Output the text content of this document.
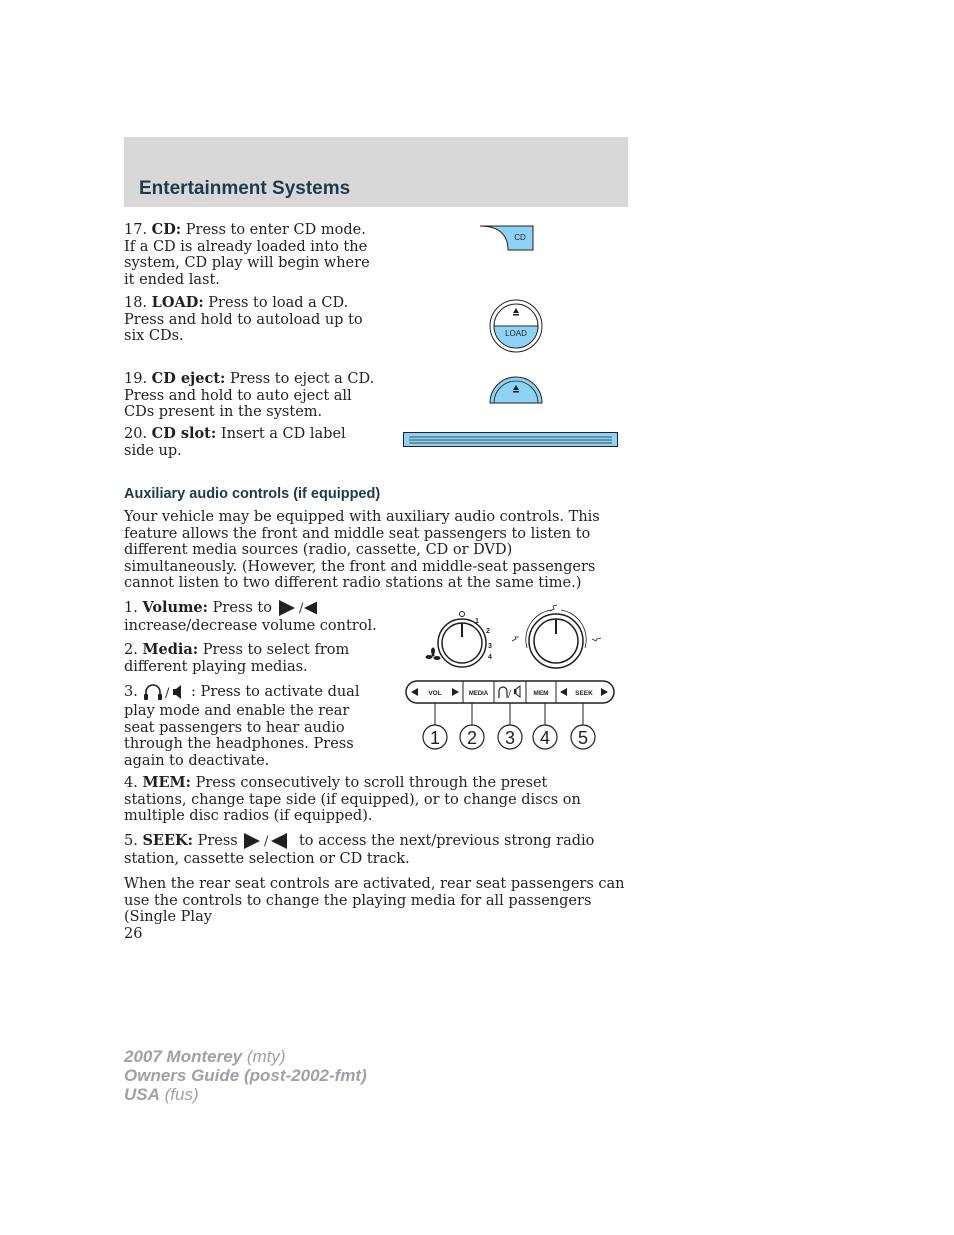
Entertainment Systems
17. CD: Press to enter CD mode. If a CD is already loaded into the system, CD play will begin where it ended last.
18. LOAD: Press to load a CD. Press and hold to autoload up to six CDs.
19. CD eject: Press to eject a CD. Press and hold to auto eject all CDs present in the system.
20. CD slot: Insert a CD label side up.
CD
LOAD
Auxiliary audio controls (if equipped)
Your vehicle may be equipped with auxiliary audio controls. This feature allows the front and middle seat passengers to listen to different media sources (radio, cassette, CD or DVD) simultaneously. (However, the front and middle-seat passengers cannot listen to two different radio stations at the same time.)
1. Volume: Press to /

increase/decrease volume control.
2. Media: Press to select from different playing medias.
3. / : Press to activate dual play mode and enable the rear seat passengers to hear audio through the headphones. Press again to deactivate.
4. MEM: Press consecutively to scroll through the preset stations, change tape side (if equipped), or to change discs on multiple disc radios (if equipped).
5. SEEK: Press / to access the next/previous strong radio station, cassette selection or CD track.
When the rear seat controls are activated, rear seat passengers can use the controls to change the playing media for all passengers (Single Play
1
2
3
4
VOL	MEDIA /	MEM	SEEK
1 2 3 4 5
26
2007 Monterey (mty)
Owners Guide (post-2002-fmt)
USA (fus)
